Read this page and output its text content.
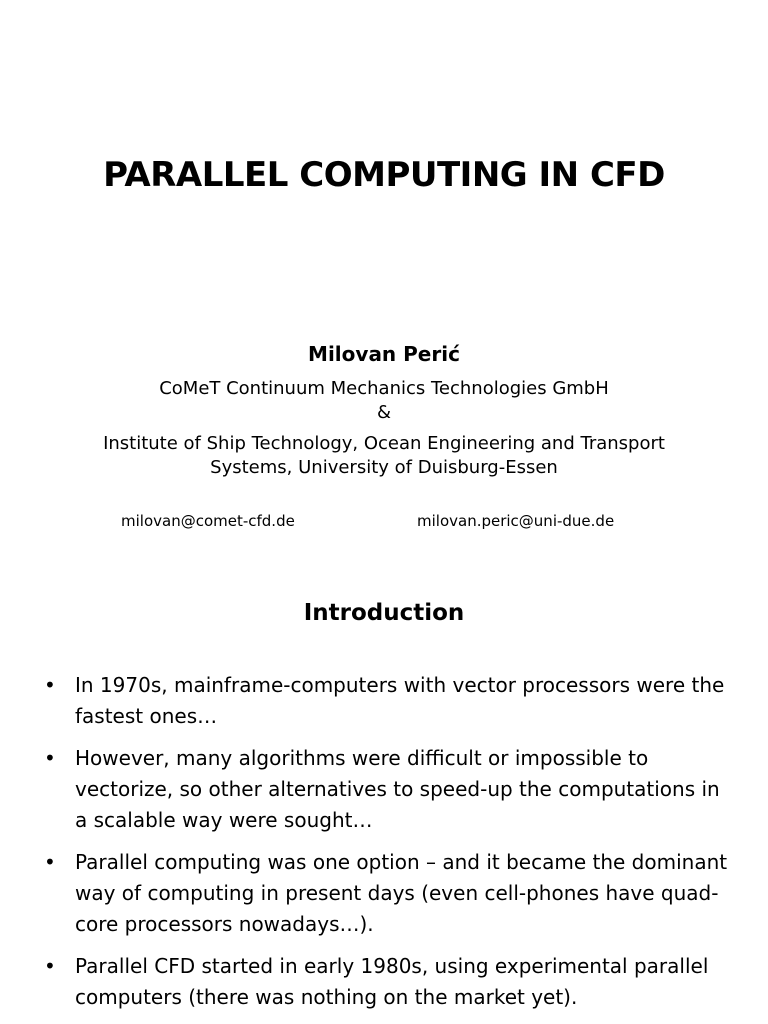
PARALLEL COMPUTING IN CFD
Milovan Perić
CoMeT Continuum Mechanics Technologies GmbH
&
Institute of Ship Technology, Ocean Engineering and Transport
Systems, University of Duisburg-Essen
milovan@comet-cfd.de	milovan.peric@uni-due.de
Introduction
• In 1970s, mainframe-computers with vector processors were the fastest ones…
• However, many algorithms were difficult or impossible to vectorize, so other alternatives to speed-up the computations in a scalable way were sought…
• Parallel computing was one option – and it became the dominant way of computing in present days (even cell-phones have quad-core processors nowadays…).
• Parallel CFD started in early 1980s, using experimental parallel computers (there was nothing on the market yet).
